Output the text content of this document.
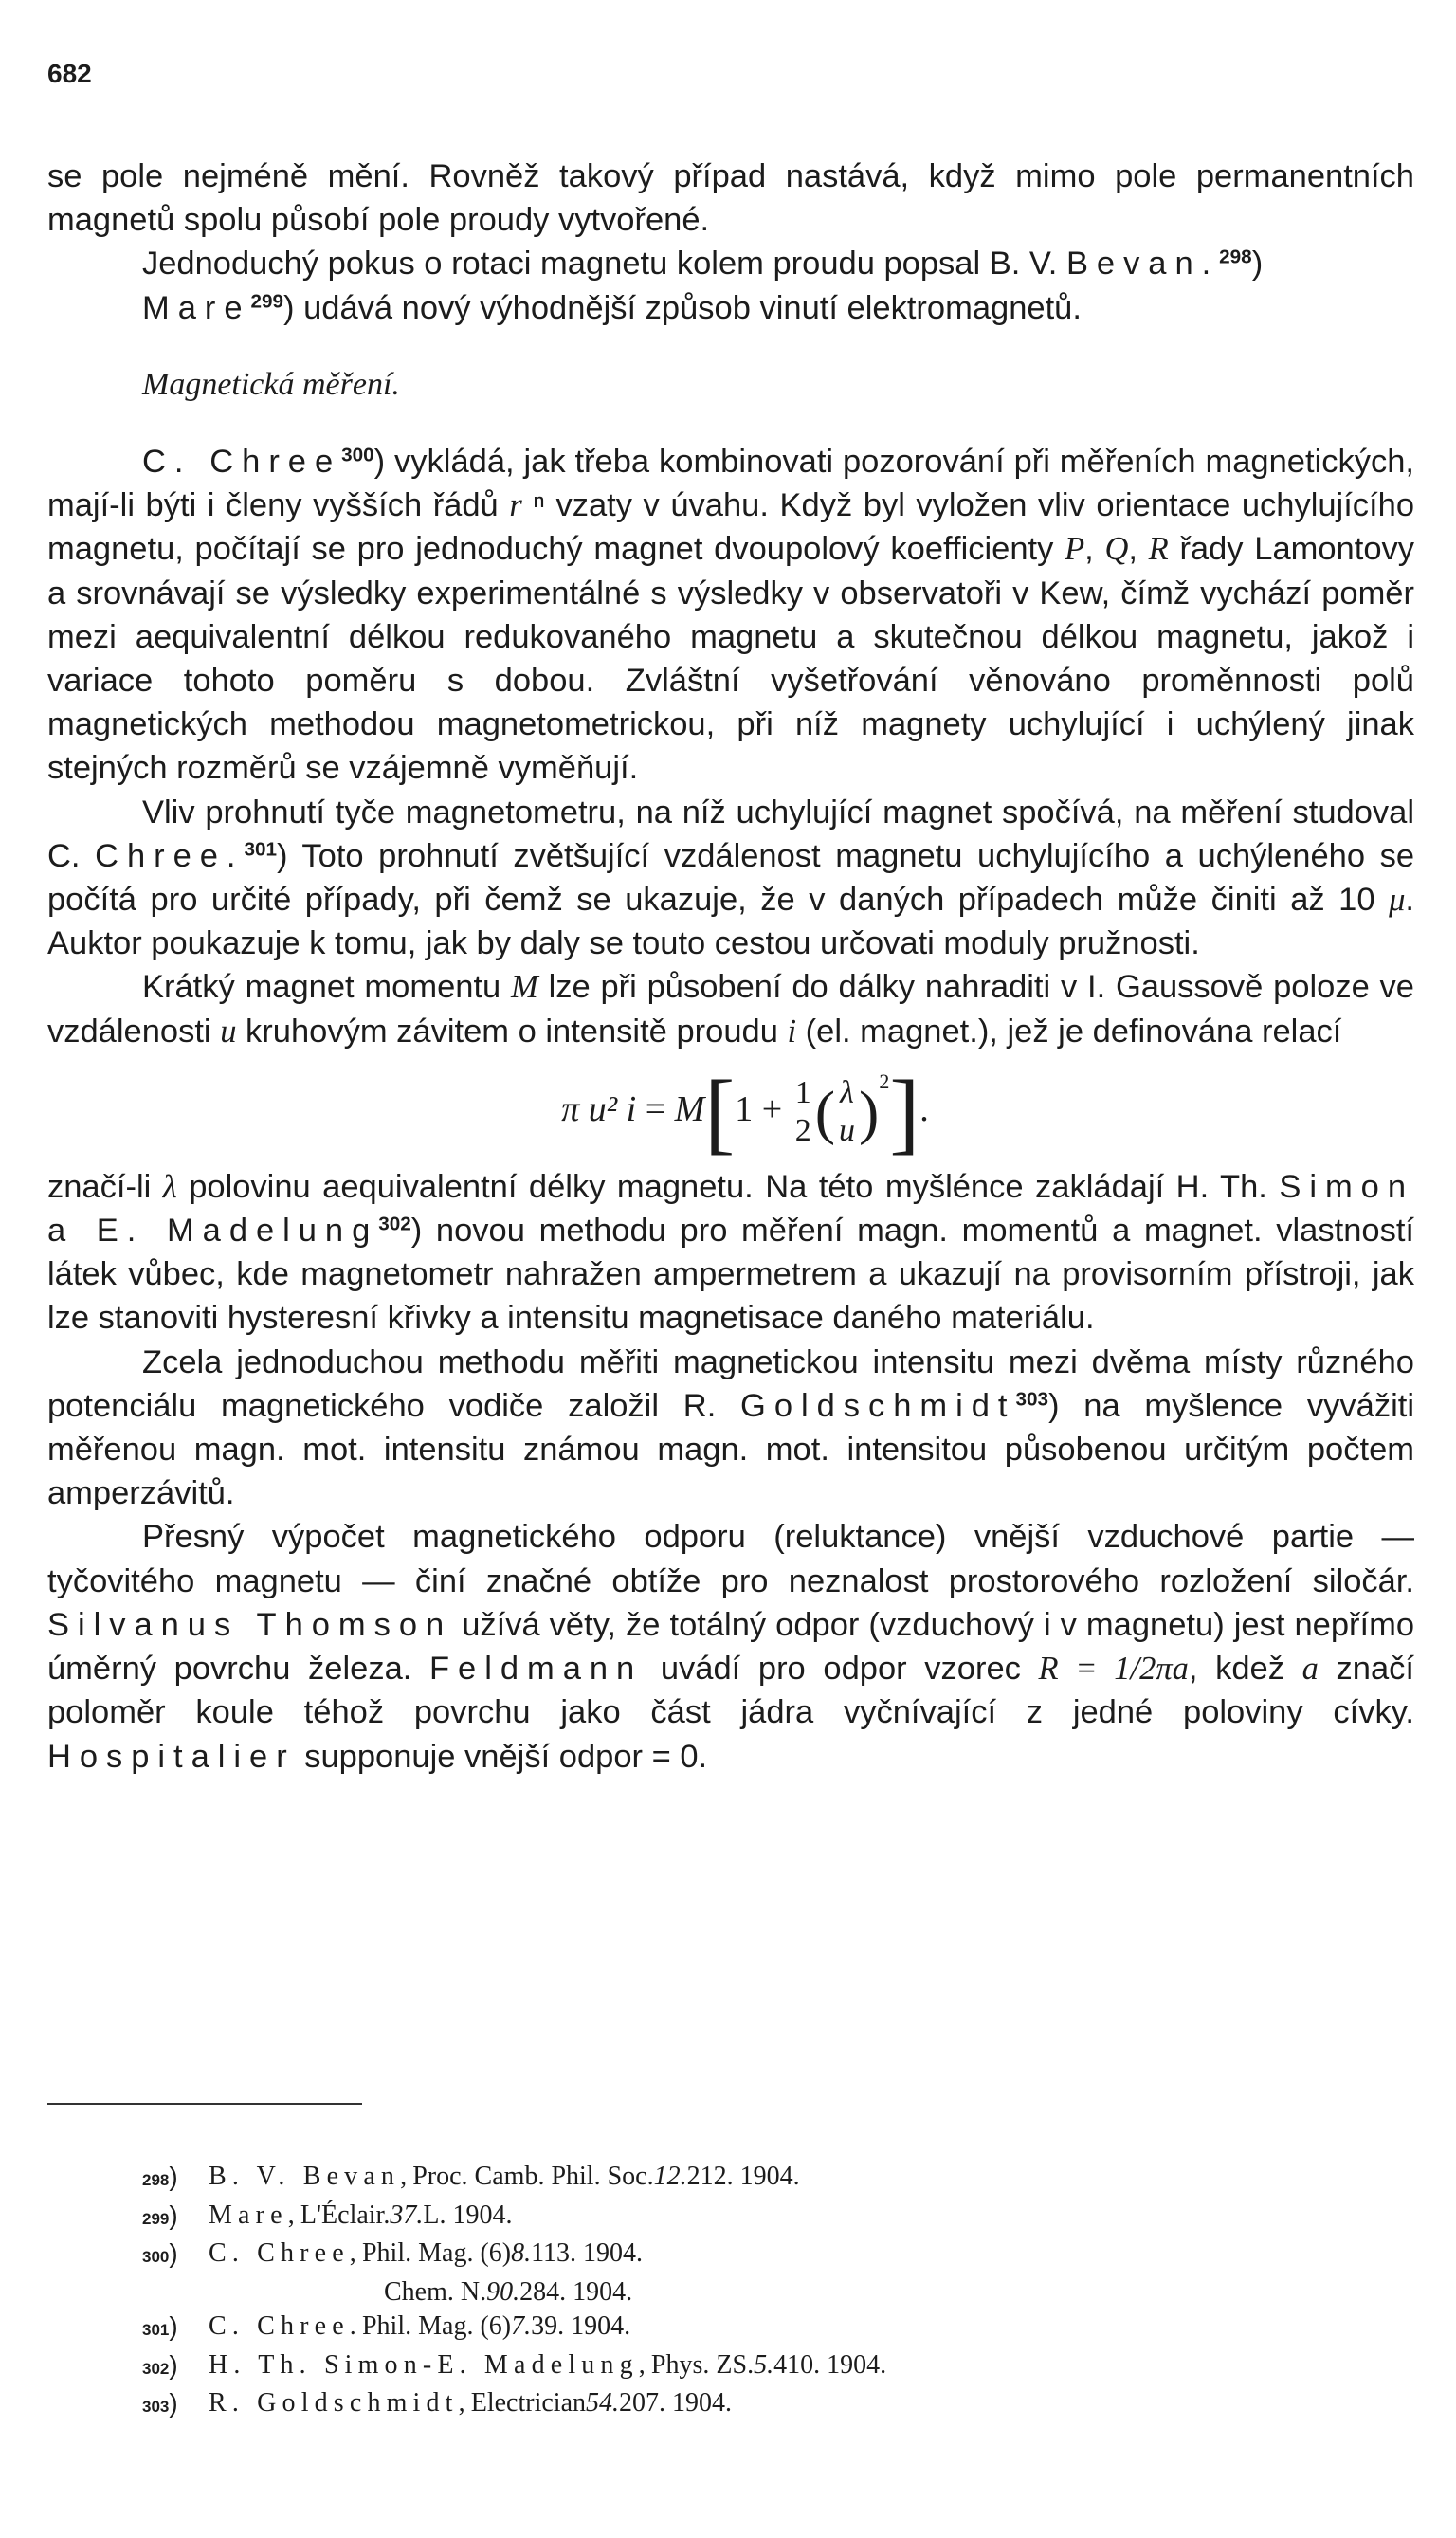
682

se pole nejméně mění. Rovněž takový případ nastává, když mimo pole permanentních magnetů spolu působí pole proudy vytvořené.

Jednoduchý pokus o rotaci magnetu kolem proudu popsal B. V. Bevan.$^{298}$)

Mare$^{299}$) udává nový výhodnější způsob vinutí elektromagnetů.

Magnetická měření.

C. Chree$^{300}$) vykládá, jak třeba kombinovati pozorování při měřeních magnetických, mají-li býti i členy vyšších řádů r ⁿ vzaty v úvahu. Když byl vyložen vliv orientace uchylujícího magnetu, počítají se pro jednoduchý magnet dvoupolový koefficienty P, Q, R řady Lamontovy a srovnávají se výsledky experimentálné s výsledky v observatoři v Kew, čímž vychází poměr mezi aequivalentní délkou redukovaného magnetu a skutečnou délkou magnetu, jakož i variace tohoto poměru s dobou. Zvláštní vyšetřování věnováno proměnnosti polů magnetických methodou magnetometrickou, při níž magnety uchylující i uchýlený jinak stejných rozměrů se vzájemně vyměňují.

Vliv prohnutí tyče magnetometru, na níž uchylující magnet spočívá, na měření studoval C. Chree.$^{301}$) Toto prohnutí zvětšující vzdálenost magnetu uchylujícího a uchýleného se počítá pro určité případy, při čemž se ukazuje, že v daných případech může činiti až 10 μ. Auktor poukazuje k tomu, jak by daly se touto cestou určovati moduly pružnosti.

Krátký magnet momentu M lze při působení do dálky nahraditi v I. Gaussově poloze ve vzdálenosti u kruhovým závitem o intensitě proudu i (el. magnet.), jež je definována relací

π u² i = M[1 + 1
2 ( λ
u )$^2$].

značí-li λ polovinu aequivalentní délky magnetu. Na této myšlénce zakládají H. Th. Simon a E. Madelung$^{302}$) novou methodu pro měření magn. momentů a magnet. vlastností látek vůbec, kde magnetometr nahražen ampermetrem a ukazují na provisorním přístroji, jak lze stanoviti hysteresní křivky a intensitu magnetisace daného materiálu.

Zcela jednoduchou methodu měřiti magnetickou intensitu mezi dvěma místy různého potenciálu magnetického vodiče založil R. Goldschmidt$^{303}$) na myšlence vyvážiti měřenou magn. mot. intensitu známou magn. mot. intensitou působenou určitým počtem amperzávitů.

Přesný výpočet magnetického odporu (reluktance) vnější vzduchové partie — tyčovitého magnetu — činí značné obtíže pro neznalost prostorového rozložení siločár. Silvanus Thomson užívá věty, že totálný odpor (vzduchový i v magnetu) jest nepřímo úměrný povrchu železa. Feldmann uvádí pro odpor vzorec R = 1/2πa, kdež a značí poloměr koule téhož povrchu jako část jádra vyčnívající z jedné poloviny cívky. Hospitalier supponuje vnější odpor = 0.

298)	B. V. Bevan, Proc. Camb. Phil. Soc. 12. 212. 1904.
299)	Mare, L'Éclair. 37. L. 1904.
300)	C. Chree, Phil. Mag. (6) 8. 113. 1904.
Chem. N. 90. 284. 1904.
301)	C. Chree. Phil. Mag. (6) 7. 39. 1904.
302)	H. Th. Simon-E. Madelung, Phys. ZS. 5. 410. 1904.
303)	R. Goldschmidt, Electrician 54. 207. 1904.
